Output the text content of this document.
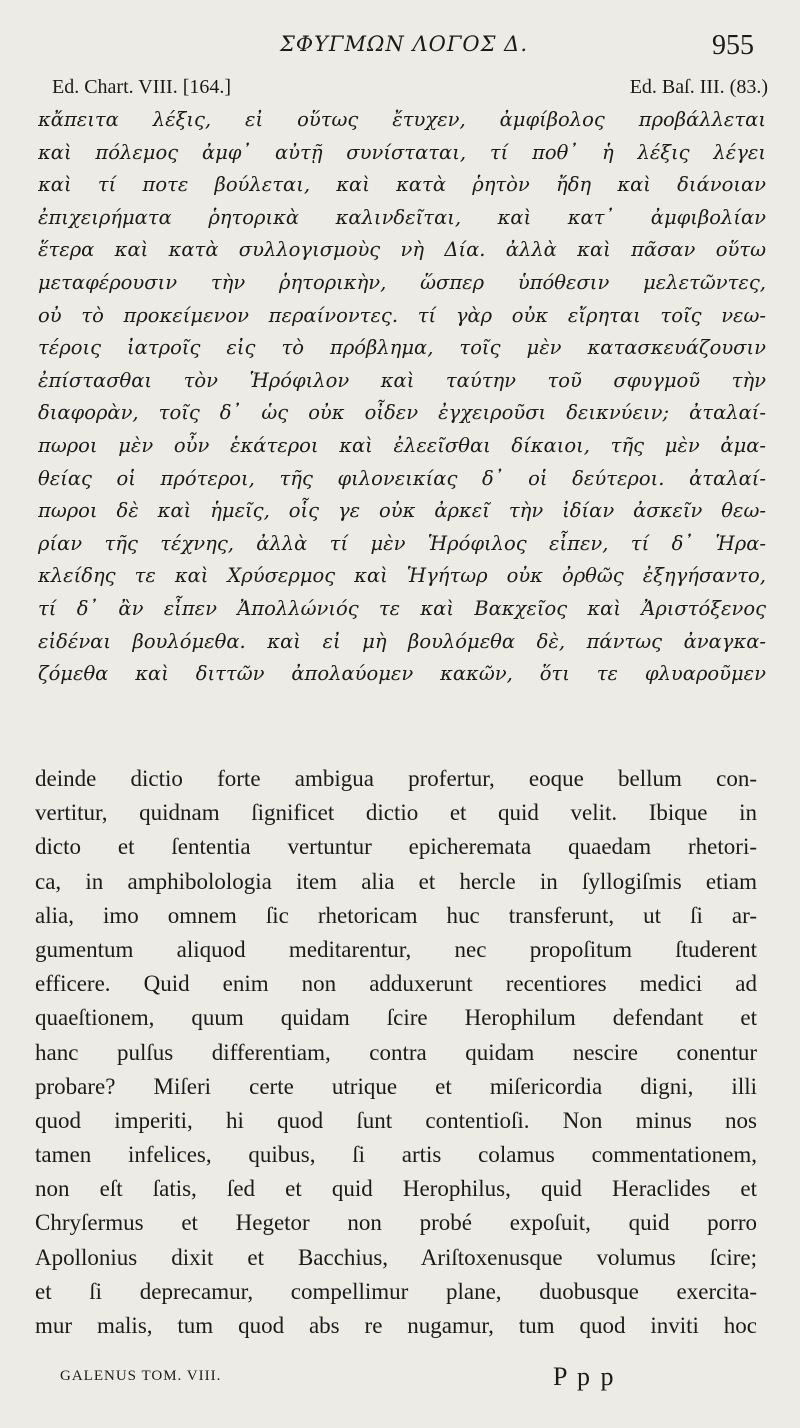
ΣΦΥΓΜΩΝ ΛΟΓΟΣ Δ.	955
Ed. Chart. VIII. [164.]	Ed. Baſ. III. (83.)
κἄπειτα λέξις, εἰ οὕτως ἔτυχεν, ἀμφίβολος προβάλλεται
καὶ πόλεμος ἀμφ᾽ αὐτῇ συνίσταται, τί ποθ᾽ ἡ λέξις λέγει
καὶ τί ποτε βούλεται, καὶ κατὰ ῥητὸν ἤδη καὶ διάνοιαν
ἐπιχειρήματα ῥητορικὰ καλινδεῖται, καὶ κατ᾽ ἀμφιβολίαν
ἕτερα καὶ κατὰ συλλογισμοὺς νὴ Δία. ἀλλὰ καὶ πᾶσαν οὕτω
μεταφέρουσιν τὴν ῥητορικὴν, ὥσπερ ὑπόθεσιν μελετῶντες,
οὐ τὸ προκείμενον περαίνοντες. τί γὰρ οὐκ εἴρηται τοῖς νεω-
τέροις ἰατροῖς εἰς τὸ πρόβλημα, τοῖς μὲν κατασκευάζουσιν
ἐπίστασθαι τὸν Ἡρόφιλον καὶ ταύτην τοῦ σφυγμοῦ τὴν
διαφορὰν, τοῖς δ᾽ ὡς οὐκ οἶδεν ἐγχειροῦσι δεικνύειν; ἀταλαί-
πωροι μὲν οὖν ἑκάτεροι καὶ ἐλεεῖσθαι δίκαιοι, τῆς μὲν ἀμα-
θείας οἱ πρότεροι, τῆς φιλονεικίας δ᾽ οἱ δεύτεροι. ἀταλαί-
πωροι δὲ καὶ ἡμεῖς, οἷς γε οὐκ ἀρκεῖ τὴν ἰδίαν ἀσκεῖν θεω-
ρίαν τῆς τέχνης, ἀλλὰ τί μὲν Ἡρόφιλος εἶπεν, τί δ᾽ Ἡρα-
κλείδης τε καὶ Χρύσερμος καὶ Ἡγήτωρ οὐκ ὀρθῶς ἐξηγήσαντο,
τί δ᾽ ἂν εἶπεν Ἀπολλώνιός τε καὶ Βακχεῖος καὶ Ἀριστόξενος
εἰδέναι βουλόμεθα. καὶ εἰ μὴ βουλόμεθα δὲ, πάντως ἀναγκα-
ζόμεθα καὶ διττῶν ἀπολαύομεν κακῶν, ὅτι τε φλυαροῦμεν
deinde dictio forte ambigua profertur, eoque bellum con-
vertitur, quidnam ſignificet dictio et quid velit. Ibique in
dicto et ſententia vertuntur epicheremata quaedam rhetori-
ca, in amphibolologia item alia et hercle in ſyllogiſmis etiam
alia, imo omnem ſic rhetoricam huc transferunt, ut ſi ar-
gumentum aliquod meditarentur, nec propoſitum ſtuderent
efficere. Quid enim non adduxerunt recentiores medici ad
quaeſtionem, quum quidam ſcire Herophilum defendant et
hanc pulſus differentiam, contra quidam nescire conentur
probare? Miſeri certe utrique et miſericordia digni, illi
quod imperiti, hi quod ſunt contentioſi. Non minus nos
tamen infelices, quibus, ſi artis colamus commentationem,
non eſt ſatis, ſed et quid Herophilus, quid Heraclides et
Chryſermus et Hegetor non probé expoſuit, quid porro
Apollonius dixit et Bacchius, Ariſtoxenusque volumus ſcire;
et ſi deprecamur, compellimur plane, duobusque exercita-
mur malis, tum quod abs re nugamur, tum quod inviti hoc
GALENUS TOM. VIII.	P p p
